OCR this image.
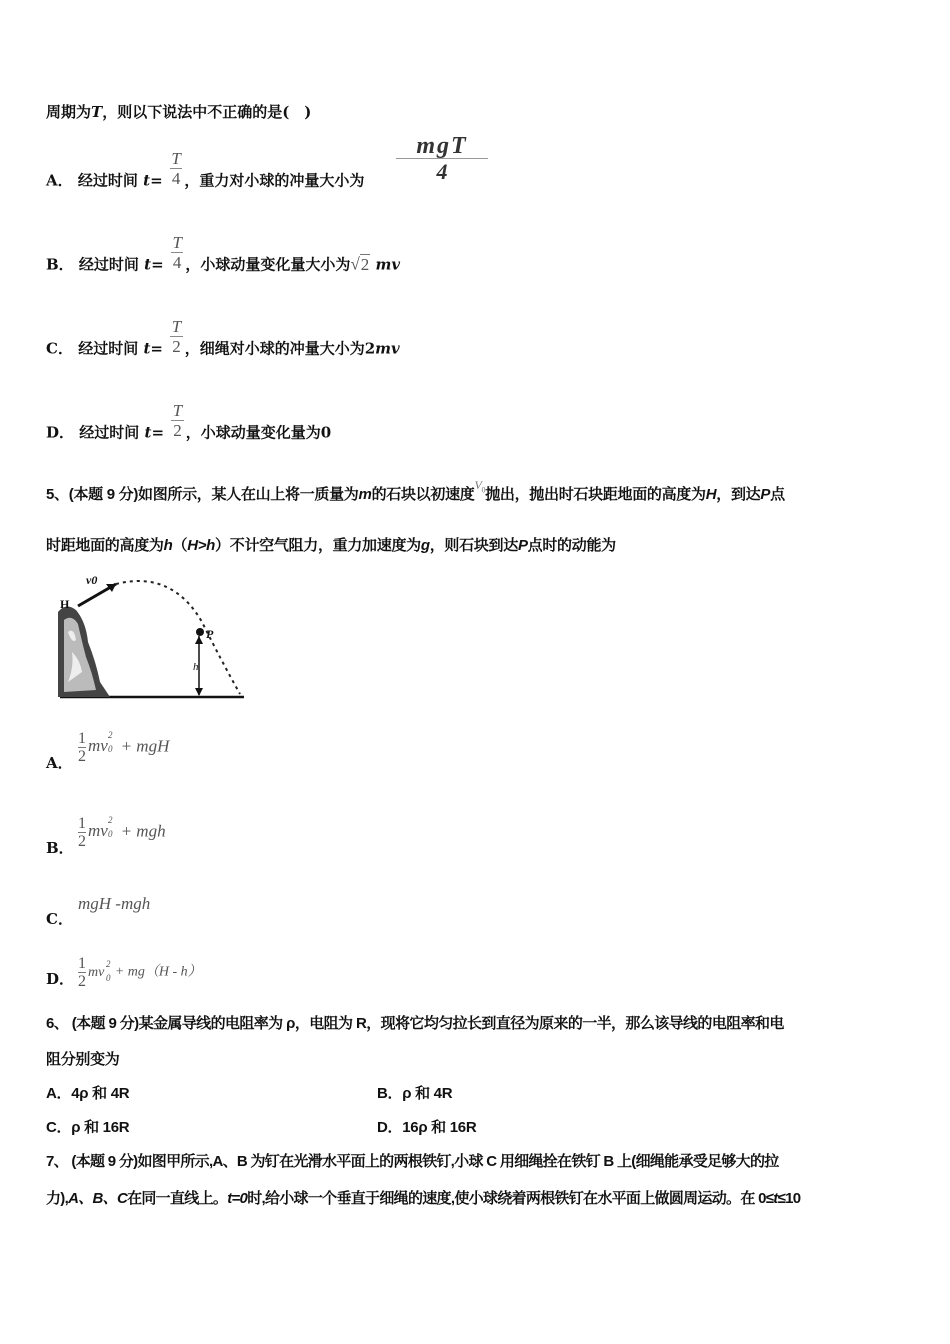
周期为T，则以下说法中不正确的是(　)
A． 经过时间 $t= \frac{T}{4}$ ，重力对小球的冲量大小为
mgT
4
B． 经过时间 $t= \frac{T}{4}$ ，小球动量变化量大小为√2 mv
C． 经过时间 $t= \frac{T}{2}$ ，细绳对小球的冲量大小为2mv
D． 经过时间 $t= \frac{T}{2}$ ，小球动量变化量为0
5、(本题 9 分)如图所示，某人在山上将一质量为m的石块以初速度$^{V_0}$抛出，抛出时石块距地面的高度为H，到达P点
时距地面的高度为h（H>h）不计空气阻力，重力加速度为g，则石块到达P点时的动能为
H
v0
P
h
A． $\frac{1}{2}$ mv
2
0 + mgH
B． $\frac{1}{2}$ mv
2
0 + mgh
C．
mgH -mgh
D． $\frac{1}{2}$ mv
2
0 + mg（H - h）
6、 (本题 9 分)某金属导线的电阻率为 ρ，电阻为 R，现将它均匀拉长到直径为原来的一半，那么该导线的电阻率和电
阻分别变为
A．4ρ 和 4R	B．ρ 和 4R
C．ρ 和 16R	D．16ρ 和 16R
7、 (本题 9 分)如图甲所示,A、B 为钉在光滑水平面上的两根铁钉,小球 C 用细绳拴在铁钉 B 上(细绳能承受足够大的拉
力),A、B、C在同一直线上。t=0时,给小球一个垂直于细绳的速度,使小球绕着两根铁钉在水平面上做圆周运动。在 0≤t≤10
